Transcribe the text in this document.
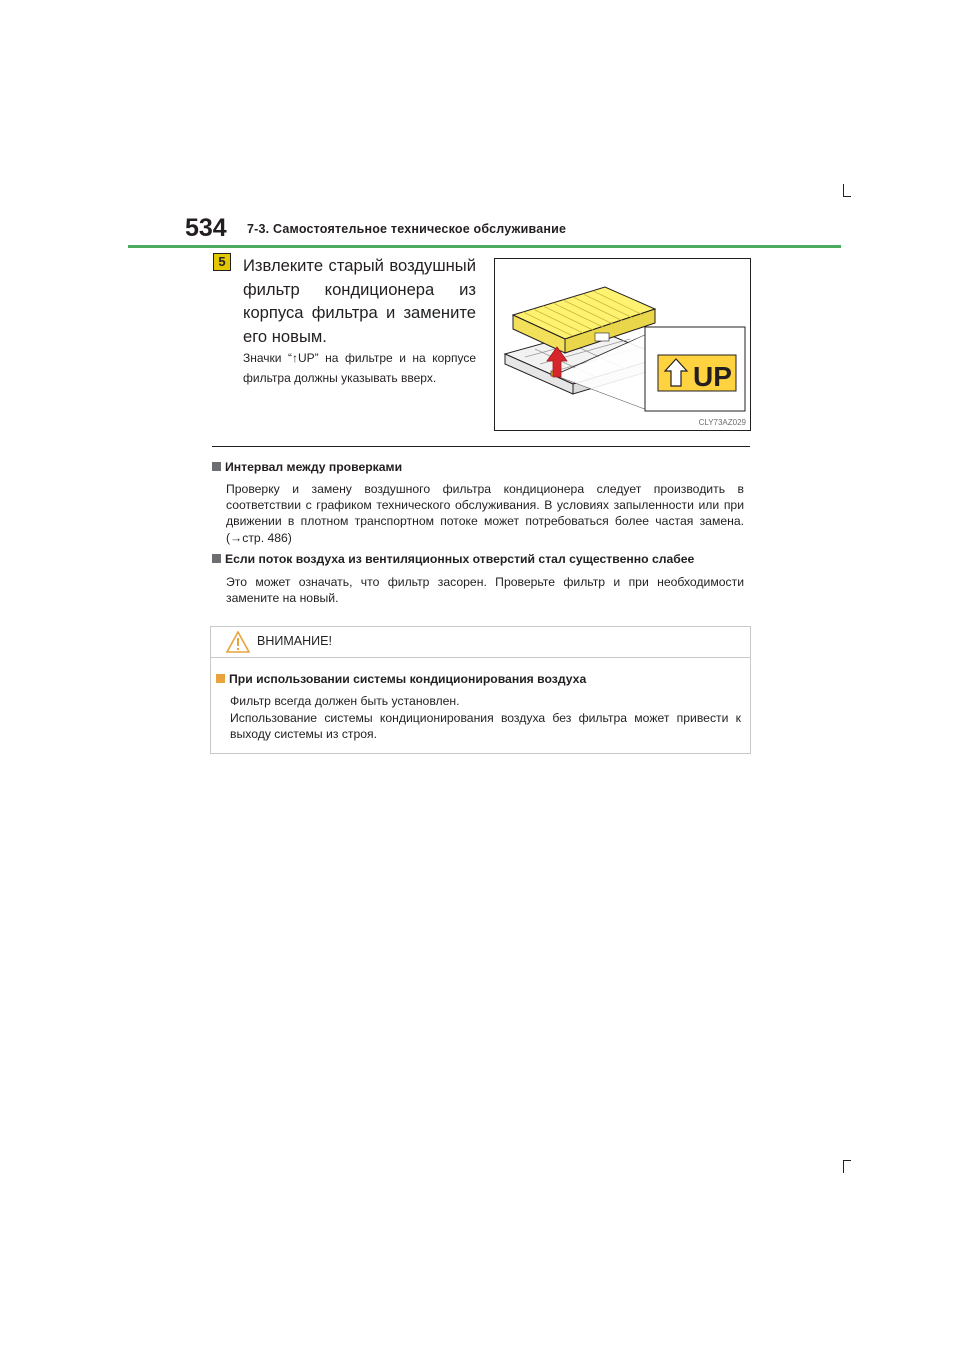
534 7-3. Самостоятельное техническое обслуживание
5	Извлеките старый воздушный фильтр кондиционера из корпуса фильтра и замените его новым.
Значки “↑UP” на фильтре и на корпусе фильтра должны указывать вверх.	UP
CLY73AZ029
Интервал между проверками
Проверку и замену воздушного фильтра кондиционера следует производить в соответствии с графиком технического обслуживания. В условиях запыленности или при движении в плотном транспортном потоке может потребоваться более частая замена. (→стр. 486)
Если поток воздуха из вентиляционных отверстий стал существенно слабее
Это может означать, что фильтр засорен. Проверьте фильтр и при необходимости замените на новый.
ВНИМАНИЕ!
При использовании системы кондиционирования воздуха

Фильтр всегда должен быть установлен.

Использование системы кондиционирования воздуха без фильтра может привести к выходу системы из строя.
